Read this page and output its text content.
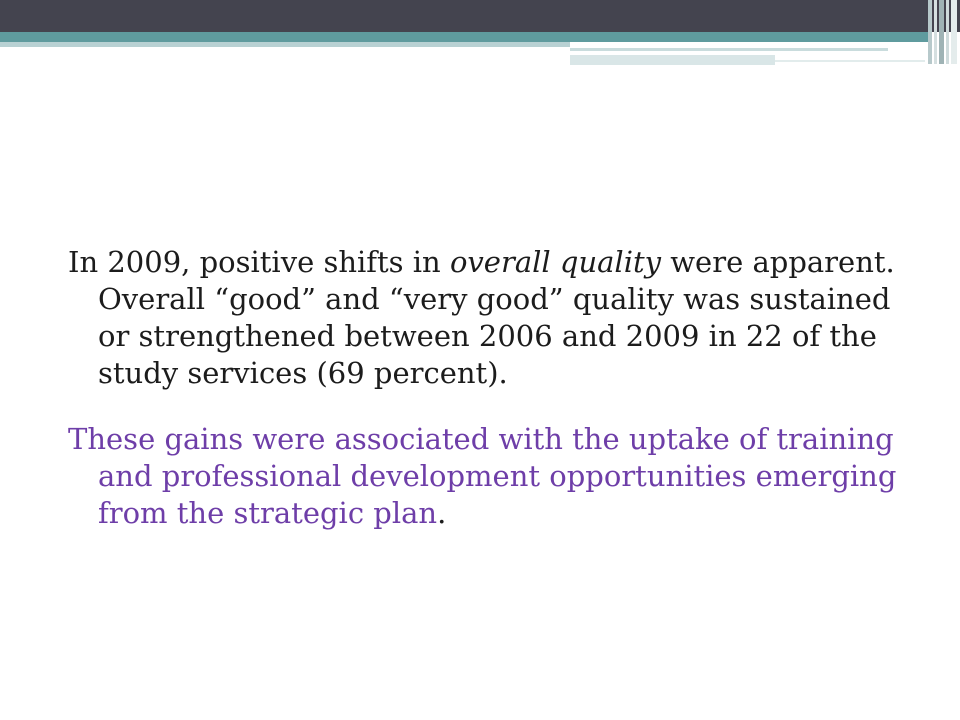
In 2009, positive shifts in overall quality were apparent. Overall “good” and “very good” quality was sustained or strengthened between 2006 and 2009 in 22 of the study services (69 percent).

These gains were associated with the uptake of training and professional development opportunities emerging from the strategic plan.
